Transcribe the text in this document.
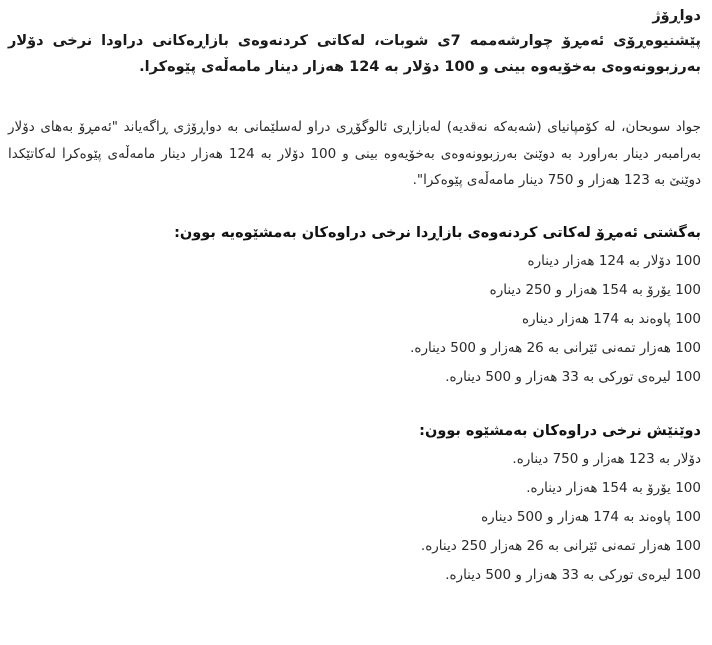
دواڕۆژ

پێشنیوەڕۆی ئەمڕۆ چوارشەممە 7ی شوبات، لەکاتی کردنەوەی بازاڕەکانی دراودا نرخی دۆلار بەرزبوونەوەی بەخۆیەوە بینی و 100 دۆلار بە 124 هەزار دینار مامەڵەی پێوەکرا.

جواد سوبحان، لە کۆمپانیای (شەبەکە نەقدیە) لەبازاڕی ئالوگۆڕی دراو لەسلێمانی بە دواڕۆژی ڕاگەیاند "ئەمڕۆ بەهای دۆلار بەرامبەر دینار بەراورد بە دوێنێ بەرزبوونەوەی بەخۆیەوە بینی و 100 دۆلار بە 124 هەزار دینار مامەڵەی پێوەکرا لەکاتێکدا دوێنێ بە 123 هەزار و 750 دینار مامەڵەی پێوەکرا".

بەگشتی ئەمڕۆ لەکاتی کردنەوەی بازاڕدا نرخی دراوەکان بەمشێوەیە بوون:

100 دۆلار بە 124 هەزار دینارە
100 یۆرۆ بە 154 هەزار و 250 دینارە
100 پاوەند بە 174 هەزار دینارە
100 هەزار تمەنی ئێرانی بە 26 هەزار و 500 دینارە.
100 لیرەی تورکی بە 33 هەزار و 500 دینارە.

دوێنێش نرخی دراوەکان بەمشێوە بوون:

دۆلار بە 123 هەزار و 750 دینارە.
100 یۆرۆ بە 154 هەزار دینارە.
100 پاوەند بە 174 هەزار و 500 دینارە
100 هەزار تمەنی ئێرانی بە 26 هەزار 250 دینارە.
100 لیرەی تورکی بە 33 هەزار و 500 دینارە.
